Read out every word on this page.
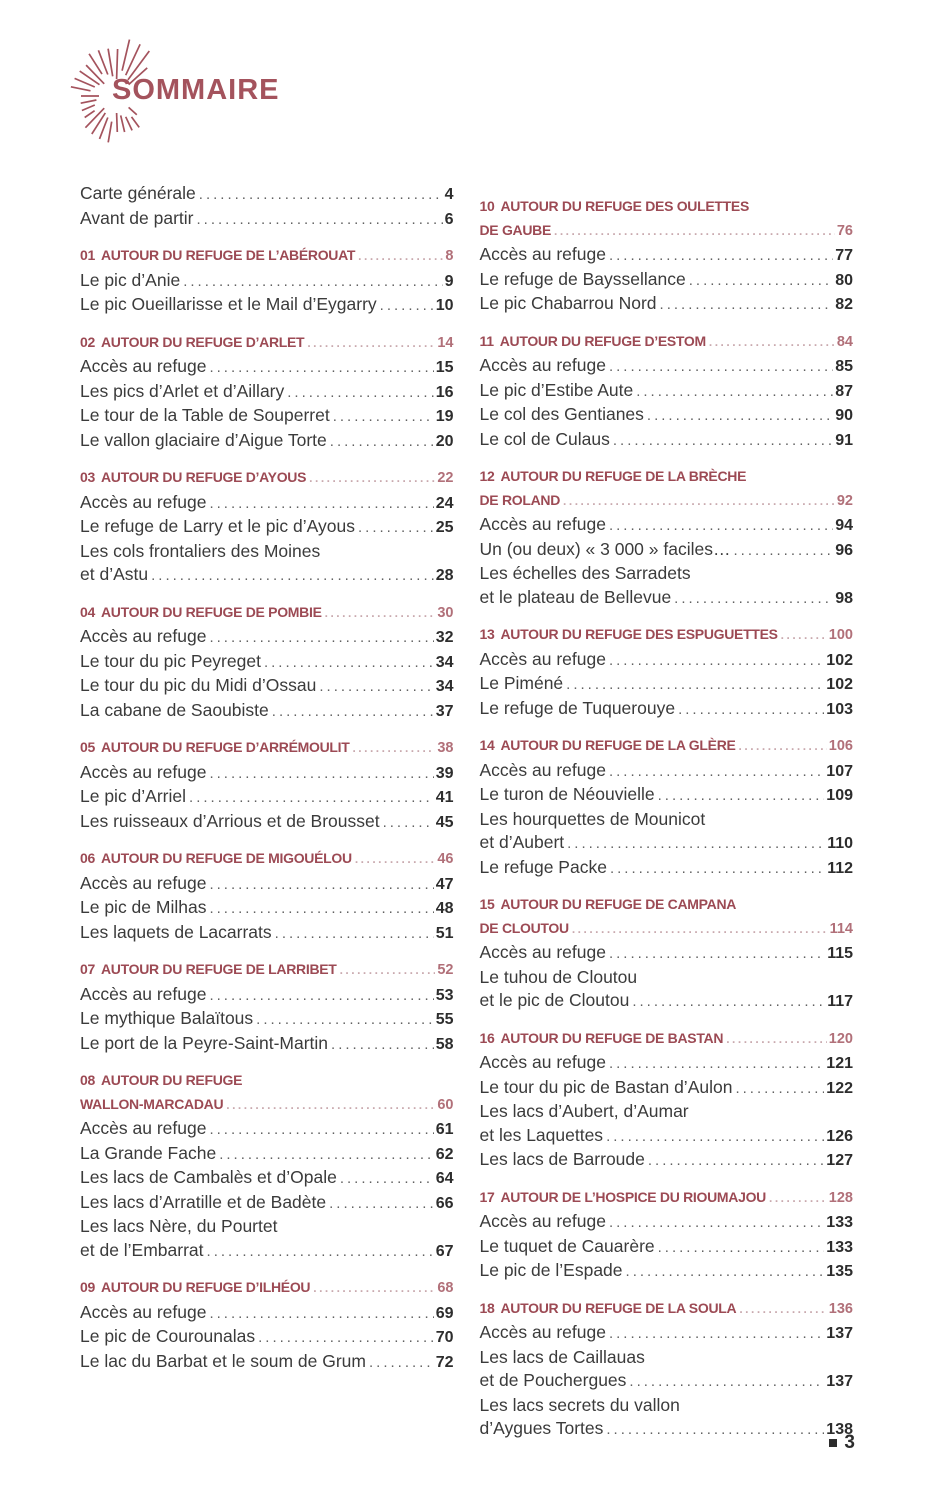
SOMMAIRE
Carte générale .....	4
Avant de partir .....	6
01 AUTOUR DU REFUGE DE L’ABÉROUAT .....	8
Le pic d’Anie .....	9
Le pic Oueillarisse et le Mail d’Eygarry .....	10
02 AUTOUR DU REFUGE D’ARLET .....	14
Accès au refuge .....	15
Les pics d’Arlet et d’Aillary .....	16
Le tour de la Table de Souperret .....	19
Le vallon glaciaire d’Aigue Torte .....	20
03 AUTOUR DU REFUGE D’AYOUS .....	22
Accès au refuge .....	24
Le refuge de Larry et le pic d’Ayous .....	25
Les cols frontaliers des Moines
et d’Astu .....	28
04 AUTOUR DU REFUGE DE POMBIE .....	30
Accès au refuge .....	32
Le tour du pic Peyreget .....	34
Le tour du pic du Midi d’Ossau .....	34
La cabane de Saoubiste .....	37
05 AUTOUR DU REFUGE D’ARRÉMOULIT .....	38
Accès au refuge .....	39
Le pic d’Arriel .....	41
Les ruisseaux d’Arrious et de Brousset .....	45
06 AUTOUR DU REFUGE DE MIGOUÉLOU .....	46
Accès au refuge .....	47
Le pic de Milhas .....	48
Les laquets de Lacarrats .....	51
07 AUTOUR DU REFUGE DE LARRIBET .....	52
Accès au refuge .....	53
Le mythique Balaïtous .....	55
Le port de la Peyre-Saint-Martin .....	58
08 AUTOUR DU REFUGE
WALLON-MARCADAU .....	60
Accès au refuge .....	61
La Grande Fache .....	62
Les lacs de Cambalès et d’Opale .....	64
Les lacs d’Arratille et de Badète .....	66
Les lacs Nère, du Pourtet
et de l’Embarrat .....	67
09 AUTOUR DU REFUGE D’ILHÉOU .....	68
Accès au refuge .....	69
Le pic de Courounalas .....	70
Le lac du Barbat et le soum de Grum .....	72
10 AUTOUR DU REFUGE DES OULETTES
DE GAUBE .....	76
Accès au refuge .....	77
Le refuge de Bayssellance .....	80
Le pic Chabarrou Nord .....	82
11 AUTOUR DU REFUGE D’ESTOM .....	84
Accès au refuge .....	85
Le pic d’Estibe Aute .....	87
Le col des Gentianes .....	90
Le col de Culaus .....	91
12 AUTOUR DU REFUGE DE LA BRÈCHE
DE ROLAND .....	92
Accès au refuge .....	94
Un (ou deux) « 3 000 » faciles… .....	96
Les échelles des Sarradets
et le plateau de Bellevue .....	98
13 AUTOUR DU REFUGE DES ESPUGUETTES .....	100
Accès au refuge .....	102
Le Piméné .....	102
Le refuge de Tuquerouye .....	103
14 AUTOUR DU REFUGE DE LA GLÈRE .....	106
Accès au refuge .....	107
Le turon de Néouvielle .....	109
Les hourquettes de Mounicot
et d’Aubert .....	110
Le refuge Packe .....	112
15 AUTOUR DU REFUGE DE CAMPANA
DE CLOUTOU .....	114
Accès au refuge .....	115
Le tuhou de Cloutou
et le pic de Cloutou .....	117
16 AUTOUR DU REFUGE DE BASTAN .....	120
Accès au refuge .....	121
Le tour du pic de Bastan d’Aulon .....	122
Les lacs d’Aubert, d’Aumar
et les Laquettes .....	126
Les lacs de Barroude .....	127
17 AUTOUR DE L’HOSPICE DU RIOUMAJOU .....	128
Accès au refuge .....	133
Le tuquet de Cauarère .....	133
Le pic de l’Espade .....	135
18 AUTOUR DU REFUGE DE LA SOULA .....	136
Accès au refuge .....	137
Les lacs de Caillauas
et de Pouchergues .....	137
Les lacs secrets du vallon
d’Aygues Tortes .....	138
3
